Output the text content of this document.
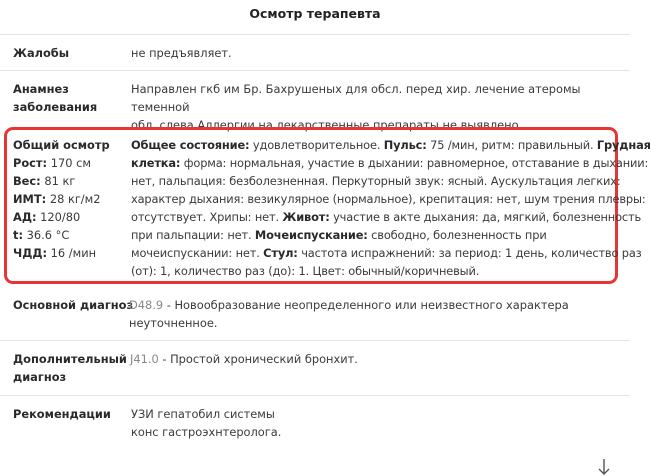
Осмотр терапевта
Жалобы	не предъявляет.
Анамнез
заболевания
Направлен гкб им Бр. Бахрушеных для обсл. перед хир. лечение атеромы теменной
обл. слева Аллергии на лекарственные препараты не выявлено.
Общий осмотр
Рост: 170 см
Вес: 81 кг
ИМТ: 28 кг/м2
АД: 120/80
t: 36.6 °C
ЧДД: 16 /мин
Общее состояние: удовлетворительное. Пульс: 75 /мин, ритм: правильный. Грудная
клетка: форма: нормальная, участие в дыхании: равномерное, отставание в дыхании:
нет, пальпация: безболезненная. Перкуторный звук: ясный. Аускультация легких:
характер дыхания: везикулярное (нормальное), крепитация: нет, шум трения плевры:
отсутствует. Хрипы: нет. Живот: участие в акте дыхания: да, мягкий, болезненность
при пальпации: нет. Мочеиспускание: свободно, болезненность при
мочеиспускании: нет. Стул: частота испражнений: за период: 1 день, количество раз
(от): 1, количество раз (до): 1. Цвет: обычный/коричневый.
Основной диагноз
D48.9 - Новообразование неопределенного или неизвестного характера
неуточненное.
Дополнительный
диагноз
J41.0 - Простой хронический бронхит.
Рекомендации УЗИ гепатобил системы
конс гастроэхнтеролога.
